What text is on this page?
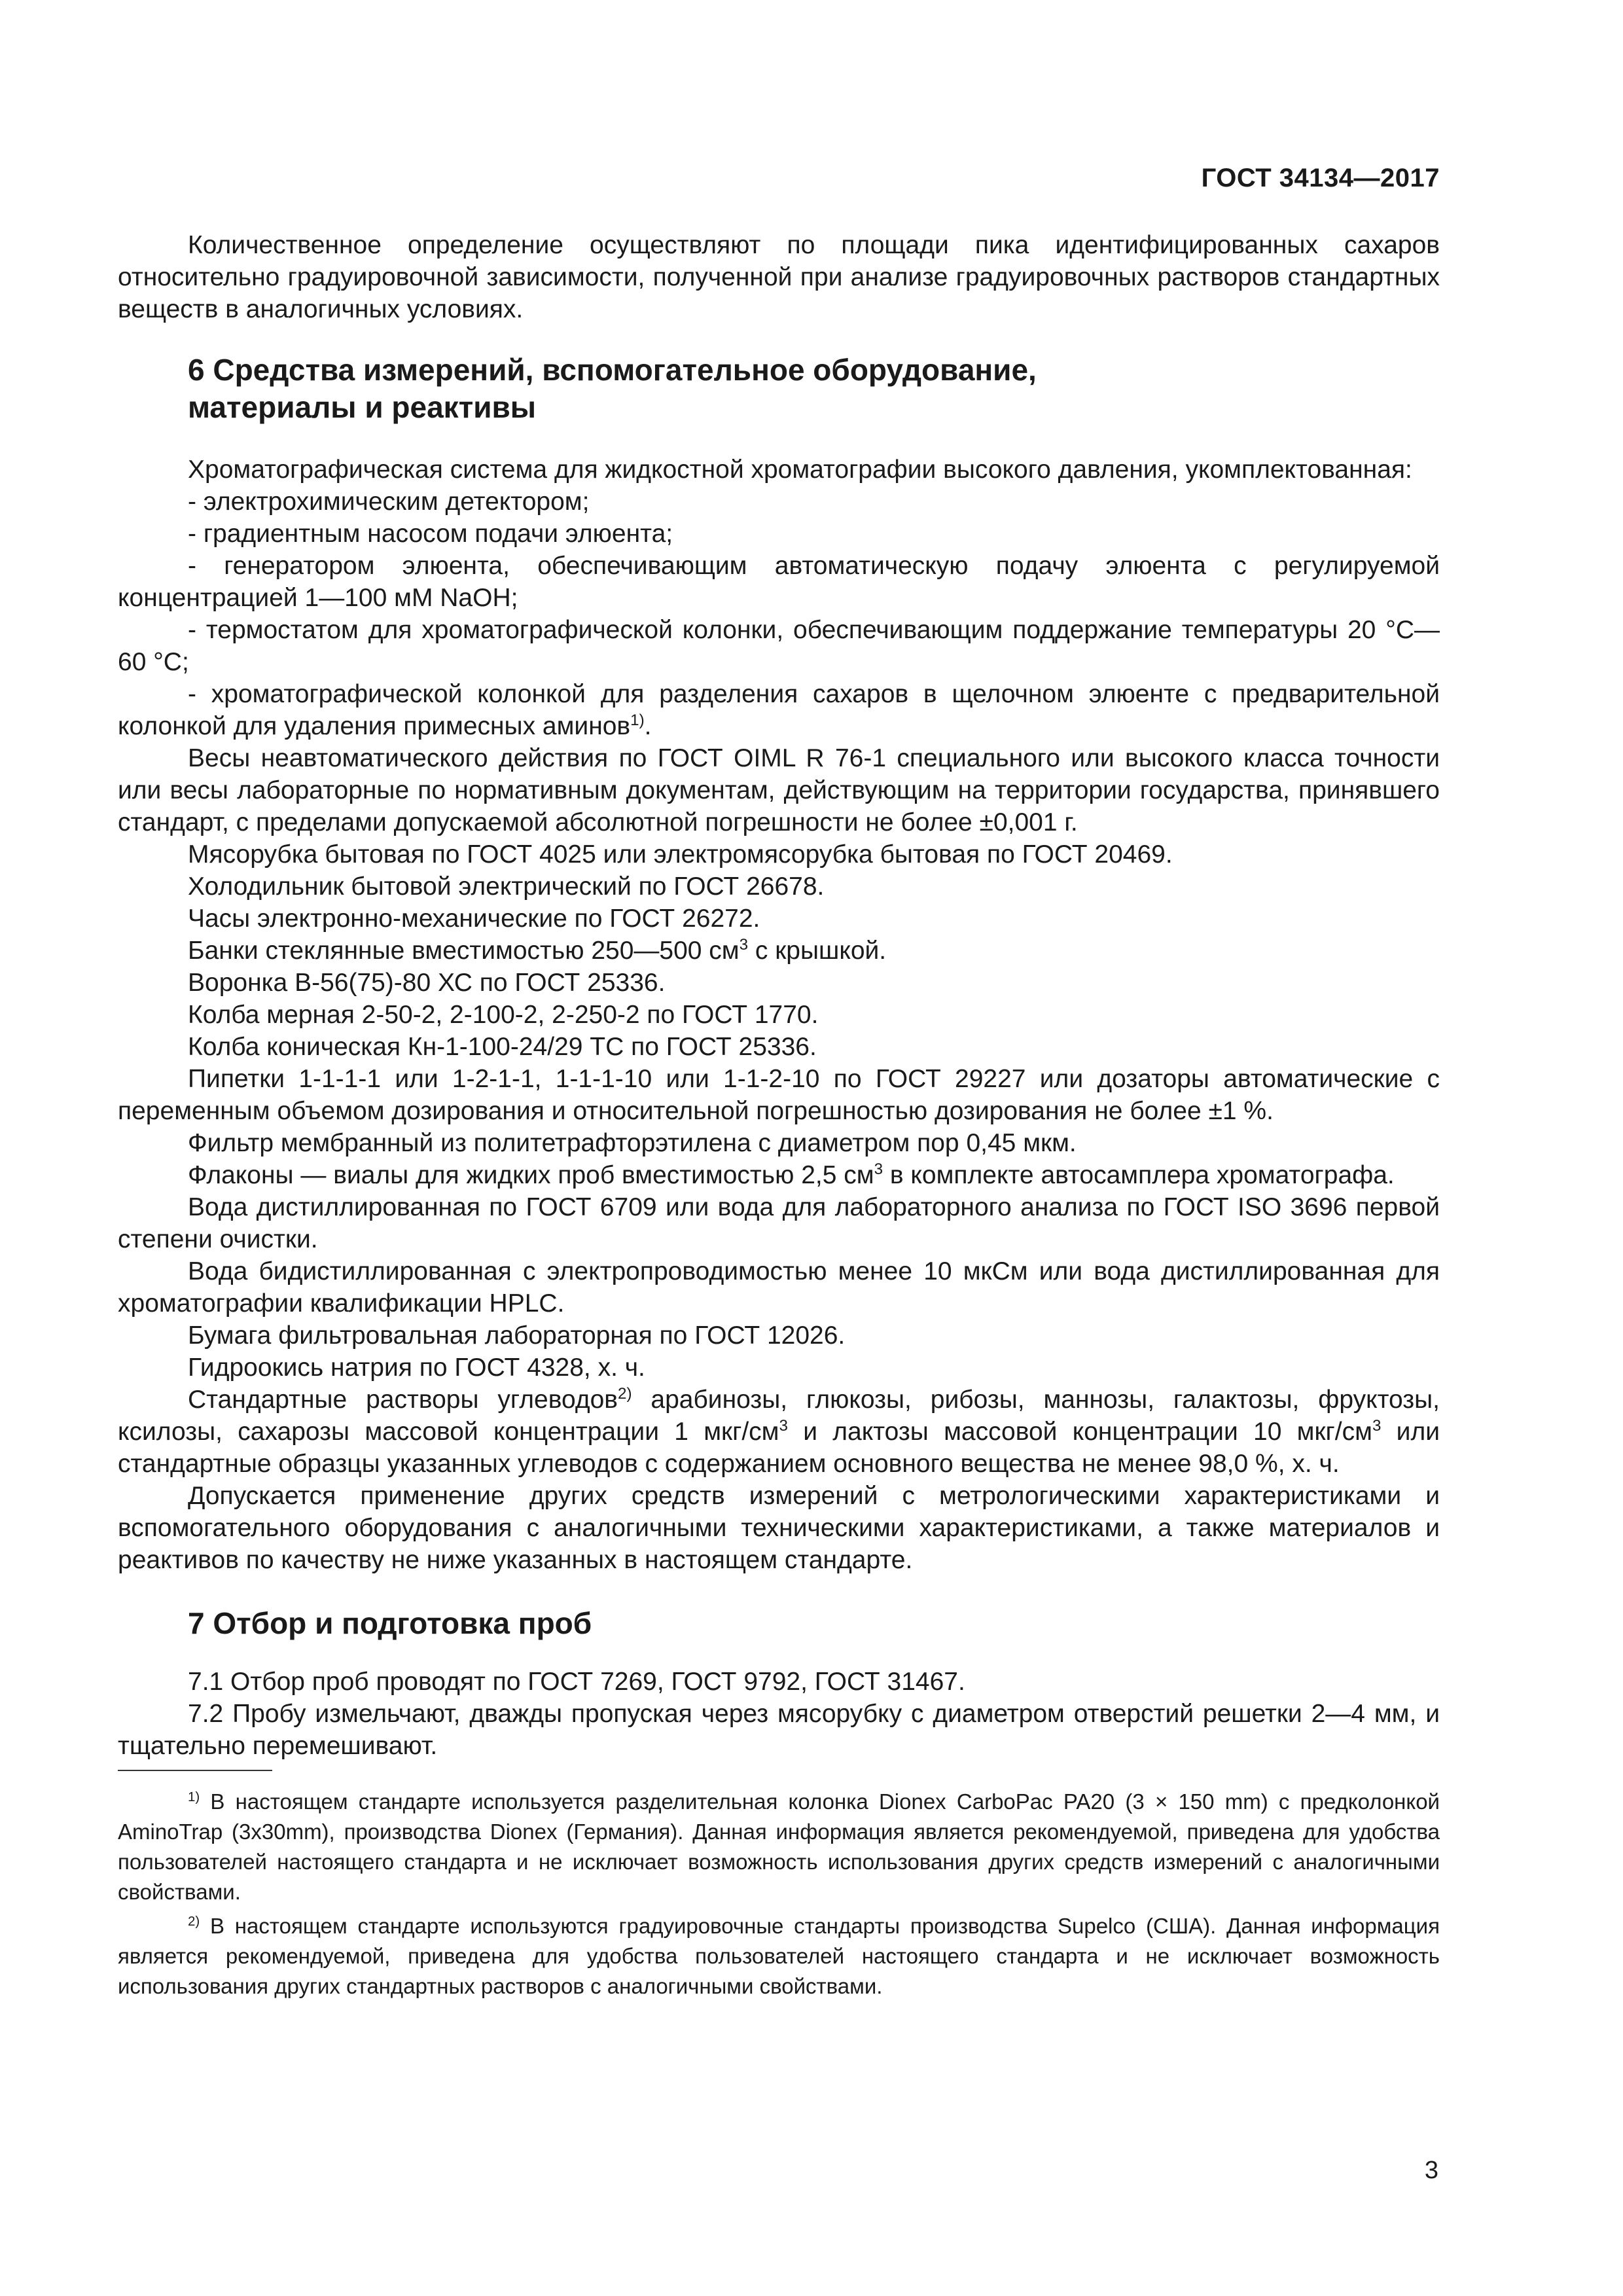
ГОСТ 34134—2017

Количественное определение осуществляют по площади пика идентифицированных сахаров относительно градуировочной зависимости, полученной при анализе градуировочных растворов стандартных веществ в аналогичных условиях.

6 Средства измерений, вспомогательное оборудование,
материалы и реактивы

Хроматографическая система для жидкостной хроматографии высокого давления, укомплектованная:

- электрохимическим детектором;

- градиентным насосом подачи элюента;

- генератором элюента, обеспечивающим автоматическую подачу элюента с регулируемой концентрацией 1—100 мМ NaOH;

- термостатом для хроматографической колонки, обеспечивающим поддержание температуры 20 °С—60 °С;

- хроматографической колонкой для разделения сахаров в щелочном элюенте с предварительной колонкой для удаления примесных аминов$^{1)}$.

Весы неавтоматического действия по ГОСТ OIML R 76-1 специального или высокого класса точности или весы лабораторные по нормативным документам, действующим на территории государства, принявшего стандарт, с пределами допускаемой абсолютной погрешности не более ±0,001 г.

Мясорубка бытовая по ГОСТ 4025 или электромясорубка бытовая по ГОСТ 20469.

Холодильник бытовой электрический по ГОСТ 26678.

Часы электронно-механические по ГОСТ 26272.

Банки стеклянные вместимостью 250—500 $см^3$ с крышкой.

Воронка В-56(75)-80 ХС по ГОСТ 25336.

Колба мерная 2-50-2, 2-100-2, 2-250-2 по ГОСТ 1770.

Колба коническая Кн-1-100-24/29 ТС по ГОСТ 25336.

Пипетки 1-1-1-1 или 1-2-1-1, 1-1-1-10 или 1-1-2-10 по ГОСТ 29227 или дозаторы автоматические с переменным объемом дозирования и относительной погрешностью дозирования не более ±1 %.

Фильтр мембранный из политетрафторэтилена с диаметром пор 0,45 мкм.

Флаконы — виалы для жидких проб вместимостью 2,5 $см^3$ в комплекте автосамплера хроматографа.

Вода дистиллированная по ГОСТ 6709 или вода для лабораторного анализа по ГОСТ ISO 3696 первой степени очистки.

Вода бидистиллированная с электропроводимостью менее 10 мкСм или вода дистиллированная для хроматографии квалификации HPLC.

Бумага фильтровальная лабораторная по ГОСТ 12026.

Гидроокись натрия по ГОСТ 4328, х. ч.

Стандартные растворы углеводов$^{2)}$ арабинозы, глюкозы, рибозы, маннозы, галактозы, фруктозы, ксилозы, сахарозы массовой концентрации 1 мкг/$см^3$ и лактозы массовой концентрации 10 мкг/$см^3$ или стандартные образцы указанных углеводов с содержанием основного вещества не менее 98,0 %, х. ч.

Допускается применение других средств измерений с метрологическими характеристиками и вспомогательного оборудования с аналогичными техническими характеристиками, а также материалов и реактивов по качеству не ниже указанных в настоящем стандарте.

7 Отбор и подготовка проб

7.1 Отбор проб проводят по ГОСТ 7269, ГОСТ 9792, ГОСТ 31467.

7.2 Пробу измельчают, дважды пропуская через мясорубку с диаметром отверстий решетки 2—4 мм, и тщательно перемешивают.

$^{1)}$ В настоящем стандарте используется разделительная колонка Dionex CarboPac PA20 (3 × 150 mm) с предколонкой AminoTrap (3x30mm), производства Dionex (Германия). Данная информация является рекомендуемой, приведена для удобства пользователей настоящего стандарта и не исключает возможность использования других средств измерений с аналогичными свойствами.

$^{2)}$ В настоящем стандарте используются градуировочные стандарты производства Supelco (США). Данная информация является рекомендуемой, приведена для удобства пользователей настоящего стандарта и не исключает возможность использования других стандартных растворов с аналогичными свойствами.

3
